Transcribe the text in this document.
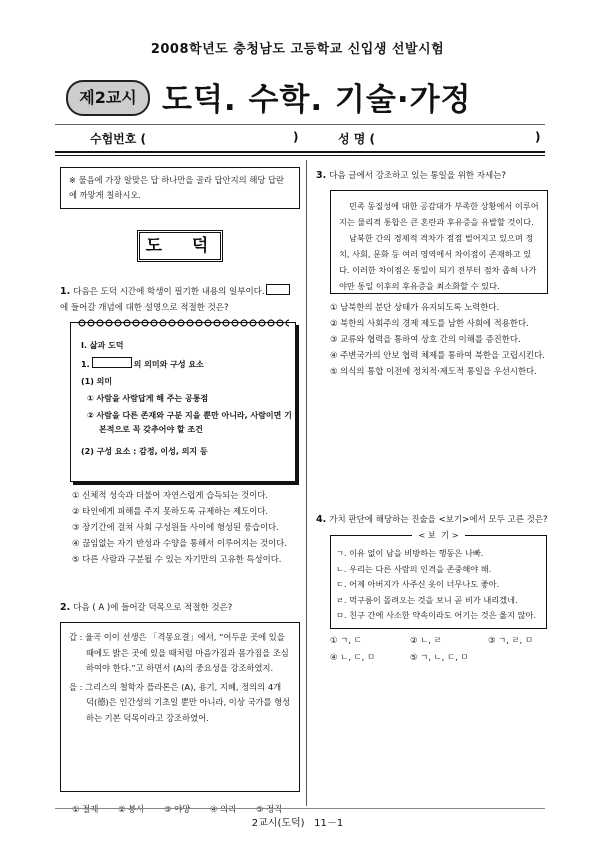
2008학년도 충청남도 고등학교 신입생 선발시험
제2교시 도덕. 수학. 기술·가정
수험번호 (	)	성 명 (	)
※ 물음에 가장 알맞은 답 하나만을 골라 답안지의 해당 답란에 까맣게 칠하시오.
도  덕
1. 다음은 도덕 시간에 학생이 필기한 내용의 일부이다.에 들어갈 개념에 대한 설명으로 적절한 것은?
Ⅰ. 삶과 도덕
1.	의 의미와 구성 요소
(1) 의미
① 사람을 사람답게 해 주는 공통점
② 사람을 다른 존재와 구분 지을 뿐만 아니라, 사람이면 기본적으로 꼭 갖추어야 할 조건
(2) 구성 요소 : 감정, 이성, 의지 등
① 신체적 성숙과 더불어 자연스럽게 습득되는 것이다.
② 타인에게 피해를 주지 못하도록 규제하는 제도이다.
③ 장기간에 걸쳐 사회 구성원들 사이에 형성된 풍습이다.
④ 끊임없는 자기 반성과 수양을 통해서 이루어지는 것이다.
⑤ 다른 사람과 구분될 수 있는 자기만의 고유한 특성이다.
2. 다음 ( A )에 들어갈 덕목으로 적절한 것은?
갑 : 율곡 이이 선생은 「격몽요결」에서, “어두운 곳에 있을 때에도 밝은 곳에 있을 때처럼 마음가짐과 몸가짐을 조심하여야 한다.”고 하면서 (A)의 중요성을 강조하였지.
을 : 그리스의 철학자 플라톤은 (A), 용기, 지혜, 정의의 4개 덕(德)은 인간성의 기초일 뿐만 아니라, 이상 국가를 형성하는 기본 덕목이라고 강조하였어.
① 절제 ② 봉사 ③ 야망 ④ 의리 ⑤ 정직
3. 다음 글에서 강조하고 있는 통일을 위한 자세는?

민족 동질성에 대한 공감대가 부족한 상황에서 이루어지는 물리적 통합은 큰 혼란과 후유증을 유발할 것이다.

남북한 간의 경제적 격차가 점점 벌어지고 있으며 정치, 사회, 문화 등 여러 영역에서 차이점이 존재하고 있다. 이러한 차이점은 통일이 되기 전부터 점차 좁혀 나가야만 통일 이후의 후유증을 최소화할 수 있다.

① 남북한의 분단 상태가 유지되도록 노력한다.
② 북한의 사회주의 경제 제도를 남한 사회에 적용한다.
③ 교류와 협력을 통하여 상호 간의 이해를 증진한다.
④ 주변국가의 안보 협력 체제를 통하여 북한을 고립시킨다.
⑤ 의식의 통합 이전에 정치적·제도적 통일을 우선시한다.
4. 가치 판단에 해당하는 진술을 <보기>에서 모두 고른 것은?
< 보  기 >
ㄱ. 이유 없이 남을 비방하는 행동은 나빠.
ㄴ. 우리는 다른 사람의 인격을 존중해야 해.
ㄷ. 어제 아버지가 사주신 옷이 너무나도 좋아.
ㄹ. 먹구름이 몰려오는 것을 보니 곧 비가 내리겠네.
ㅁ. 친구 간에 사소한 약속이라도 어기는 것은 옳지 않아.
① ㄱ, ㄷ	② ㄴ, ㄹ	③ ㄱ, ㄹ, ㅁ
④ ㄴ, ㄷ, ㅁ	⑤ ㄱ, ㄴ, ㄷ, ㅁ
2교시(도덕) 11－1
